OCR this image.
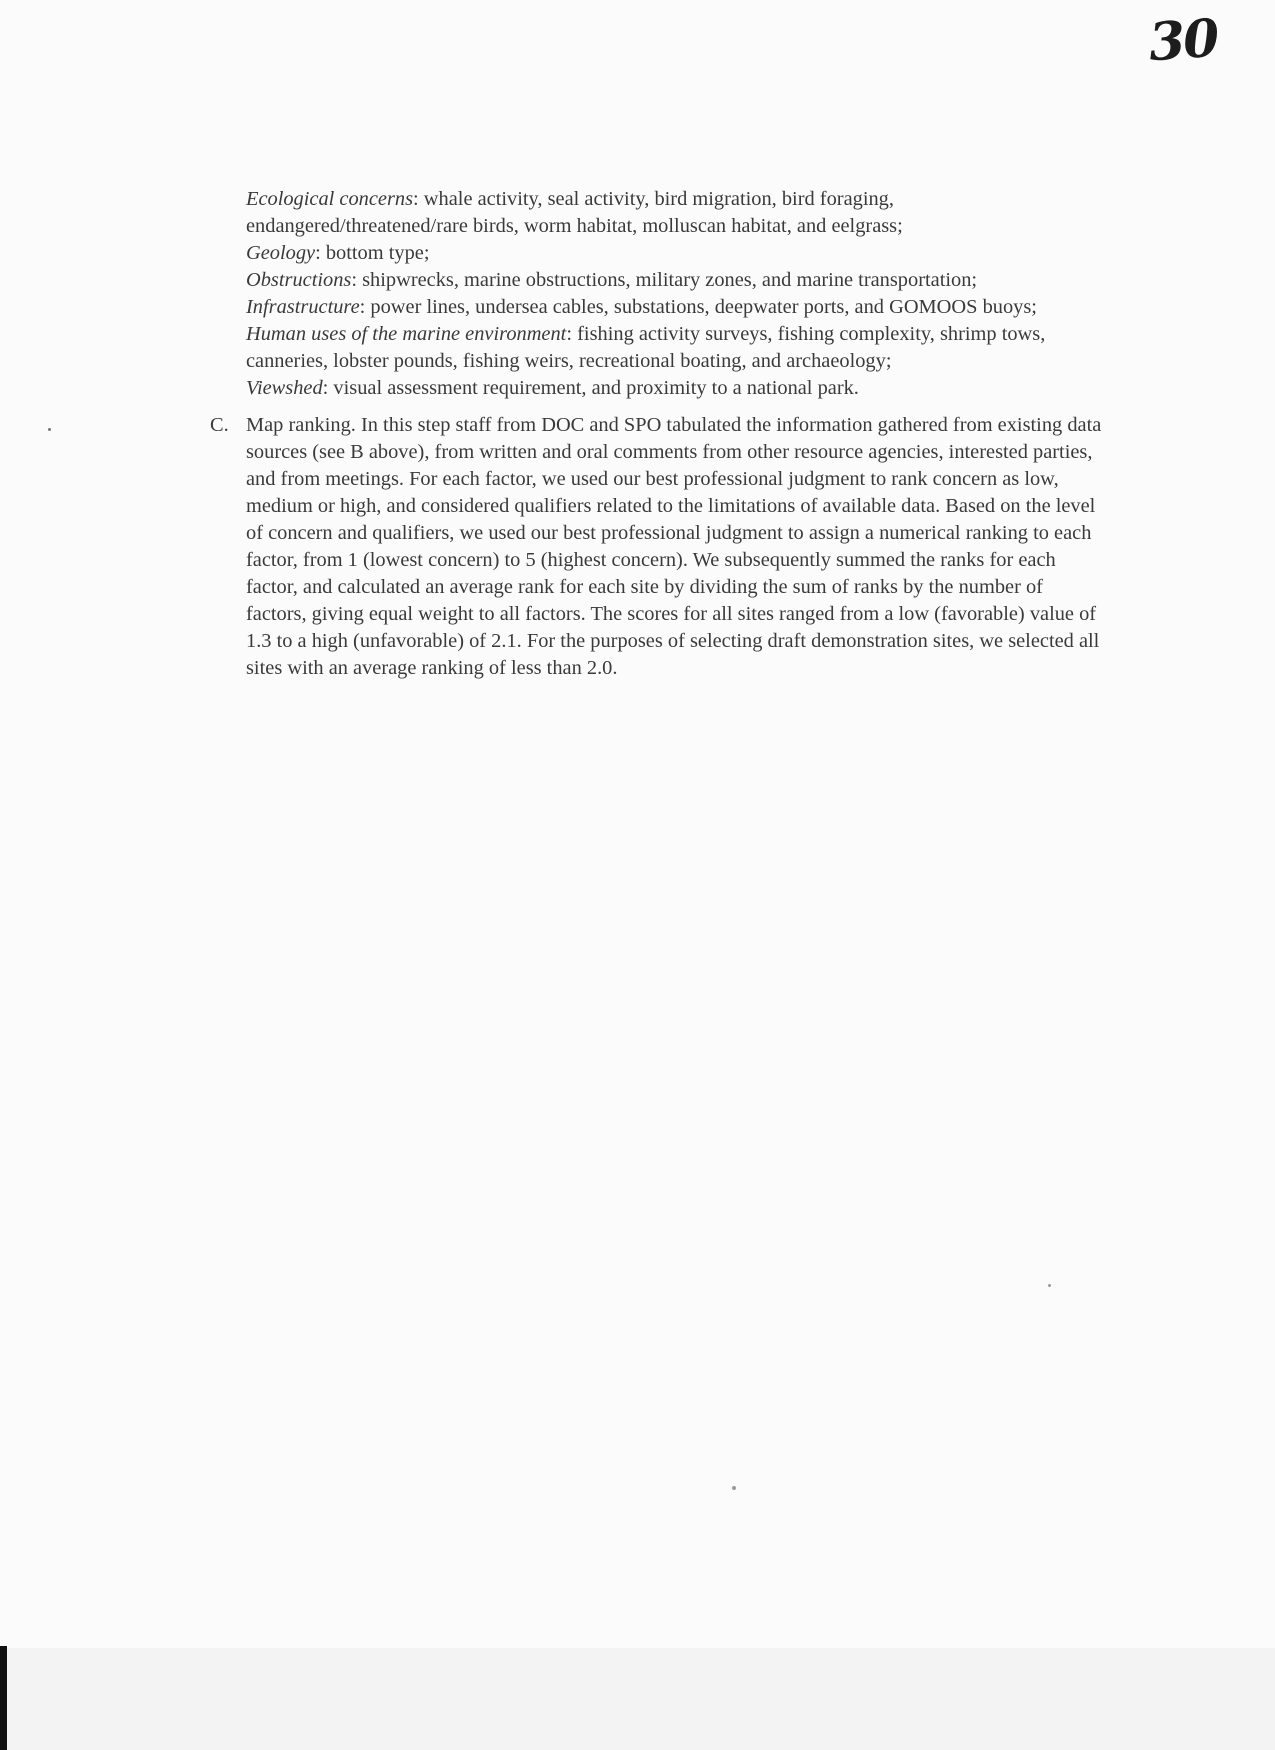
30

Ecological concerns: whale activity, seal activity, bird migration, bird foraging, endangered/threatened/rare birds, worm habitat, molluscan habitat, and eelgrass;

Geology: bottom type;

Obstructions: shipwrecks, marine obstructions, military zones, and marine transportation;

Infrastructure: power lines, undersea cables, substations, deepwater ports, and GOMOOS buoys;

Human uses of the marine environment: fishing activity surveys, fishing complexity, shrimp tows, canneries, lobster pounds, fishing weirs, recreational boating, and archaeology;

Viewshed: visual assessment requirement, and proximity to a national park.

C. Map ranking. In this step staff from DOC and SPO tabulated the information gathered from existing data sources (see B above), from written and oral comments from other resource agencies, interested parties, and from meetings. For each factor, we used our best professional judgment to rank concern as low, medium or high, and considered qualifiers related to the limitations of available data. Based on the level of concern and qualifiers, we used our best professional judgment to assign a numerical ranking to each factor, from 1 (lowest concern) to 5 (highest concern). We subsequently summed the ranks for each factor, and calculated an average rank for each site by dividing the sum of ranks by the number of factors, giving equal weight to all factors. The scores for all sites ranged from a low (favorable) value of 1.3 to a high (unfavorable) of 2.1. For the purposes of selecting draft demonstration sites, we selected all sites with an average ranking of less than 2.0.
